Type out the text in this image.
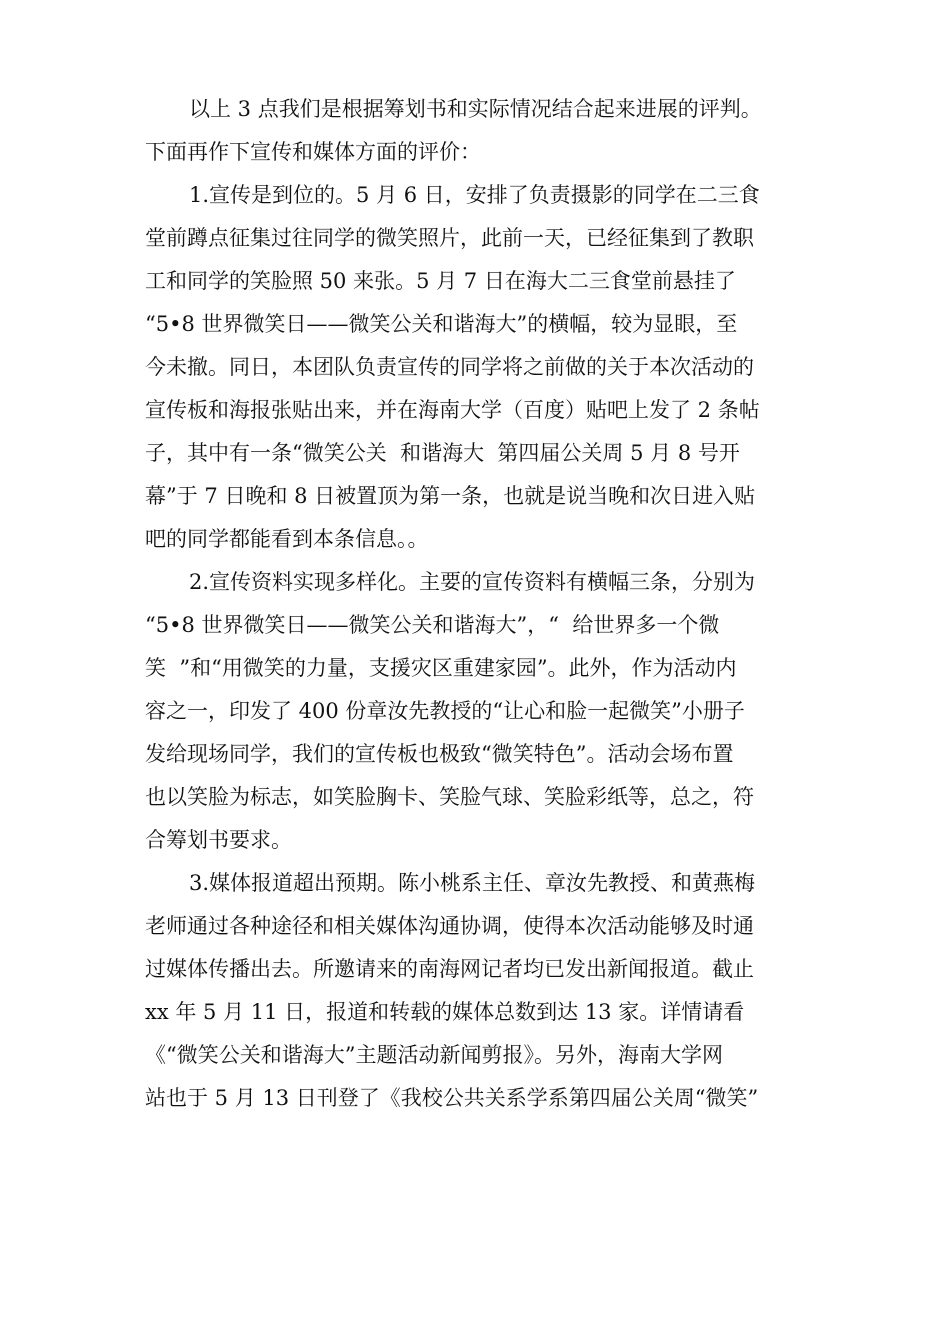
以上 3 点我们是根据筹划书和实际情况结合起来进展的评判。
下面再作下宣传和媒体方面的评价：
1.宣传是到位的。5 月 6 日，安排了负责摄影的同学在二三食
堂前蹲点征集过往同学的微笑照片，此前一天，已经征集到了教职
工和同学的笑脸照 50 来张。5 月 7 日在海大二三食堂前悬挂了
“5•8 世界微笑日——微笑公关和谐海大”的横幅，较为显眼，至
今未撤。同日，本团队负责宣传的同学将之前做的关于本次活动的
宣传板和海报张贴出来，并在海南大学（百度）贴吧上发了 2 条帖
子，其中有一条“微笑公关  和谐海大  第四届公关周 5 月 8 号开
幕”于 7 日晚和 8 日被置顶为第一条，也就是说当晚和次日进入贴
吧的同学都能看到本条信息。。
2.宣传资料实现多样化。主要的宣传资料有横幅三条，分别为
“5•8 世界微笑日——微笑公关和谐海大”，“  给世界多一个微
笑  ”和“用微笑的力量，支援灾区重建家园”。此外，作为活动内
容之一，印发了 400 份章汝先教授的“让心和脸一起微笑”小册子
发给现场同学，我们的宣传板也极致“微笑特色”。活动会场布置
也以笑脸为标志，如笑脸胸卡、笑脸气球、笑脸彩纸等，总之，符
合筹划书要求。
3.媒体报道超出预期。陈小桃系主任、章汝先教授、和黄燕梅
老师通过各种途径和相关媒体沟通协调，使得本次活动能够及时通
过媒体传播出去。所邀请来的南海网记者均已发出新闻报道。截止
xx 年 5 月 11 日，报道和转载的媒体总数到达 13 家。详情请看
《“微笑公关和谐海大”主题活动新闻剪报》。另外，海南大学网
站也于 5 月 13 日刊登了《我校公共关系学系第四届公关周“微笑”
